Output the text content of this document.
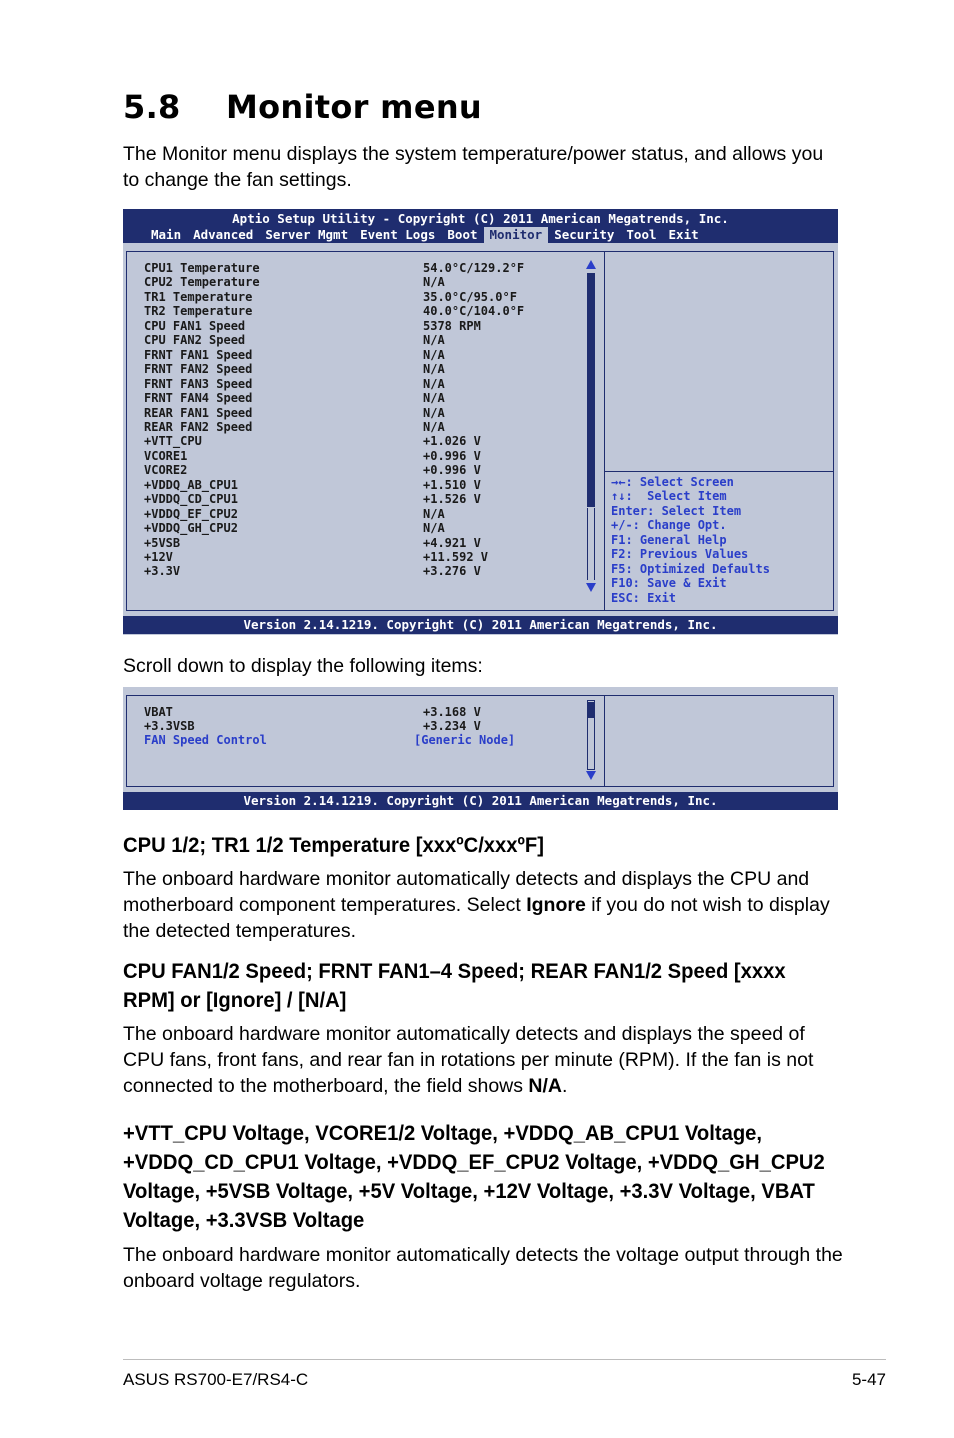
5.8 Monitor menu
The Monitor menu displays the system temperature/power status, and allows you to change the fan settings.
Aptio Setup Utility - Copyright (C) 2011 American Megatrends, Inc.
Main Advanced Server Mgmt Event Logs Boot Monitor Security Tool Exit
CPU1 Temperature	54.0°C/129.2°F
CPU2 Temperature	N/A
TR1 Temperature	35.0°C/95.0°F
TR2 Temperature	40.0°C/104.0°F
CPU FAN1 Speed	5378 RPM
CPU FAN2 Speed	N/A
FRNT FAN1 Speed	N/A
FRNT FAN2 Speed	N/A
FRNT FAN3 Speed	N/A
FRNT FAN4 Speed	N/A
REAR FAN1 Speed	N/A
REAR FAN2 Speed	N/A
+VTT_CPU	+1.026 V
VCORE1	+0.996 V
VCORE2	+0.996 V
+VDDQ_AB_CPU1	+1.510 V
+VDDQ_CD_CPU1	+1.526 V
+VDDQ_EF_CPU2	N/A
+VDDQ_GH_CPU2	N/A
+5VSB	+4.921 V
+12V	+11.592 V
+3.3V	+3.276 V
→←: Select Screen
↑↓:  Select Item
Enter: Select Item
+/-: Change Opt.
F1: General Help
F2: Previous Values
F5: Optimized Defaults
F10: Save & Exit
ESC: Exit
Version 2.14.1219. Copyright (C) 2011 American Megatrends, Inc.
Scroll down to display the following items:
VBAT	+3.168 V
+3.3VSB	+3.234 V
FAN Speed Control	[Generic Node]
Version 2.14.1219. Copyright (C) 2011 American Megatrends, Inc.
CPU 1/2; TR1 1/2 Temperature [xxxºC/xxxºF]
The onboard hardware monitor automatically detects and displays the CPU and motherboard component temperatures. Select Ignore if you do not wish to display the detected temperatures.
CPU FAN1/2 Speed; FRNT FAN1–4 Speed; REAR FAN1/2 Speed [xxxx RPM] or [Ignore] / [N/A]
The onboard hardware monitor automatically detects and displays the speed of CPU fans, front fans, and rear fan in rotations per minute (RPM). If the fan is not connected to the motherboard, the field shows N/A.
+VTT_CPU Voltage, VCORE1/2 Voltage, +VDDQ_AB_CPU1 Voltage, +VDDQ_CD_CPU1 Voltage, +VDDQ_EF_CPU2 Voltage, +VDDQ_GH_CPU2 Voltage, +5VSB Voltage, +5V Voltage, +12V Voltage, +3.3V Voltage, VBAT Voltage, +3.3VSB Voltage
The onboard hardware monitor automatically detects the voltage output through the onboard voltage regulators.
ASUS RS700-E7/RS4-C	5-47
